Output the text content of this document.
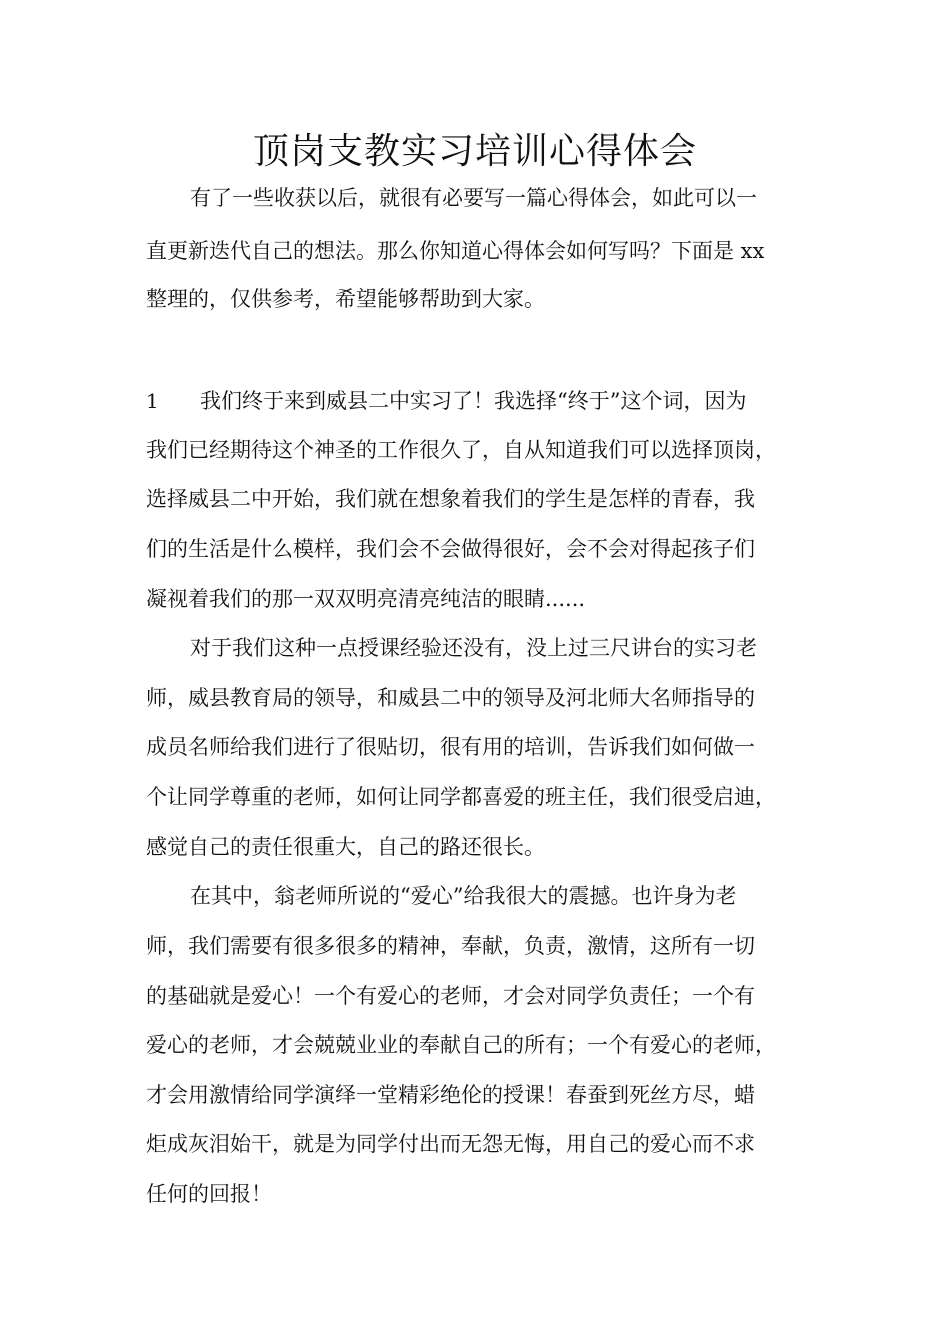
顶岗支教实习培训心得体会
有了一些收获以后，就很有必要写一篇心得体会，如此可以一
直更新迭代自己的想法。那么你知道心得体会如何写吗？下面是 xx
整理的，仅供参考，希望能够帮助到大家。
1 我们终于来到威县二中实习了！我选择“终于”这个词，因为
我们已经期待这个神圣的工作很久了，自从知道我们可以选择顶岗，
选择威县二中开始，我们就在想象着我们的学生是怎样的青春，我
们的生活是什么模样，我们会不会做得很好，会不会对得起孩子们
凝视着我们的那一双双明亮清亮纯洁的眼睛......
对于我们这种一点授课经验还没有，没上过三尺讲台的实习老
师，威县教育局的领导，和威县二中的领导及河北师大名师指导的
成员名师给我们进行了很贴切，很有用的培训，告诉我们如何做一
个让同学尊重的老师，如何让同学都喜爱的班主任，我们很受启迪，
感觉自己的责任很重大，自己的路还很长。
在其中，翁老师所说的“爱心”给我很大的震撼。也许身为老
师，我们需要有很多很多的精神，奉献，负责，激情，这所有一切
的基础就是爱心！一个有爱心的老师，才会对同学负责任；一个有
爱心的老师，才会兢兢业业的奉献自己的所有；一个有爱心的老师，
才会用激情给同学演绎一堂精彩绝伦的授课！春蚕到死丝方尽，蜡
炬成灰泪始干，就是为同学付出而无怨无悔，用自己的爱心而不求
任何的回报！
